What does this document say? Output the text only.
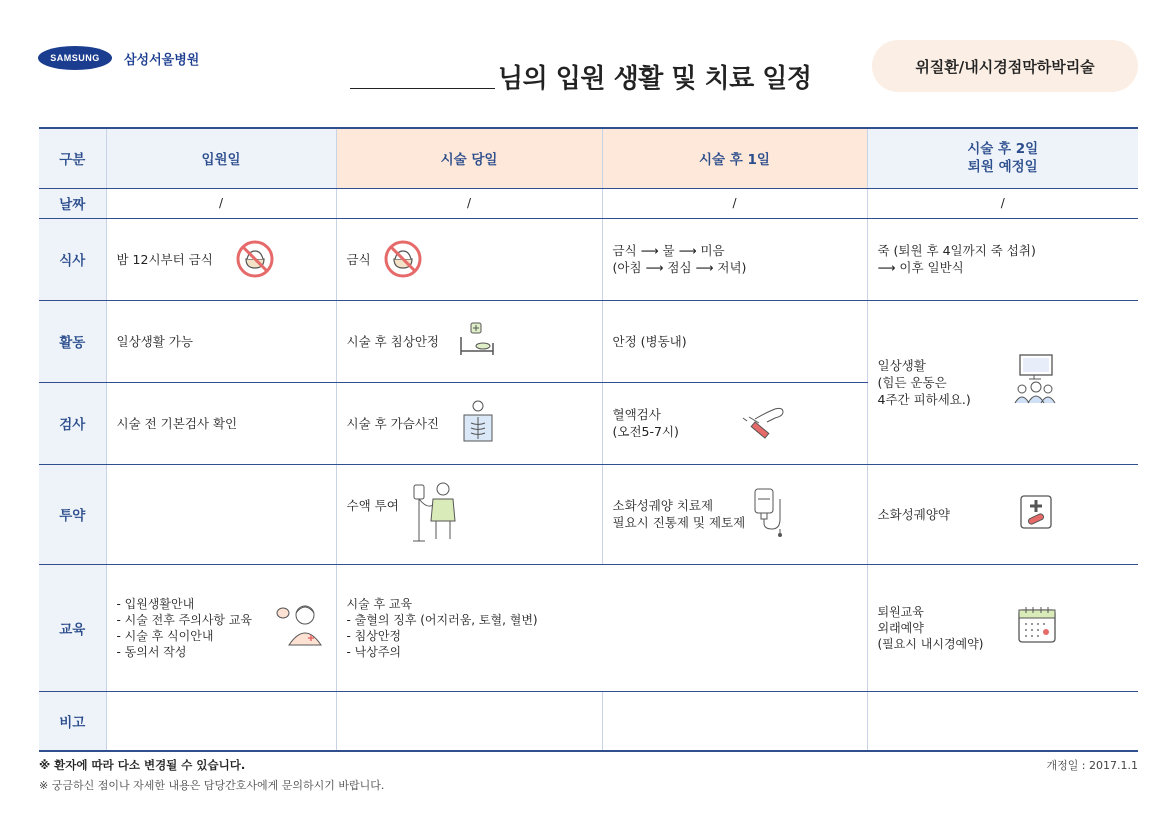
SAMSUNG	삼성서울병원
님의 입원 생활 및 치료 일정	위질환/내시경점막하박리술
구분	입원일	시술 당일	시술 후 1일	시술 후 2일
퇴원 예정일
날짜	/	/	/	/
식사	밤 12시부터 금식	금식	금식 ⟶ 물 ⟶ 미음
(아침 ⟶ 점심 ⟶ 저녁)	죽 (퇴원 후 4일까지 죽 섭취)
⟶ 이후 일반식

활동	일상생활 가능	시술 후 침상안정	안정 (병동내)	일상생활
(힘든 운동은
4주간 피하세요.)

검사	시술 전 기본검사 확인	시술 후 가슴사진	혈액검사
(오전5-7시)	

투약		수액 투여	소화성궤양 치료제
필요시 진통제 및 제토제	소화성궤양약

교육	- 입원생활안내
- 시술 전후 주의사항 교육
- 시술 후 식이안내
- 동의서 작성	시술 후 교육
- 출혈의 징후 (어지러움, 토혈, 혈변)
- 침상안정
- 낙상주의		퇴원교육
외래예약
(필요시 내시경예약)

비고				
※ 환자에 따라 다소 변경될 수 있습니다.
※ 궁금하신 점이나 자세한 내용은 담당간호사에게 문의하시기 바랍니다.
개정일 : 2017.1.1
